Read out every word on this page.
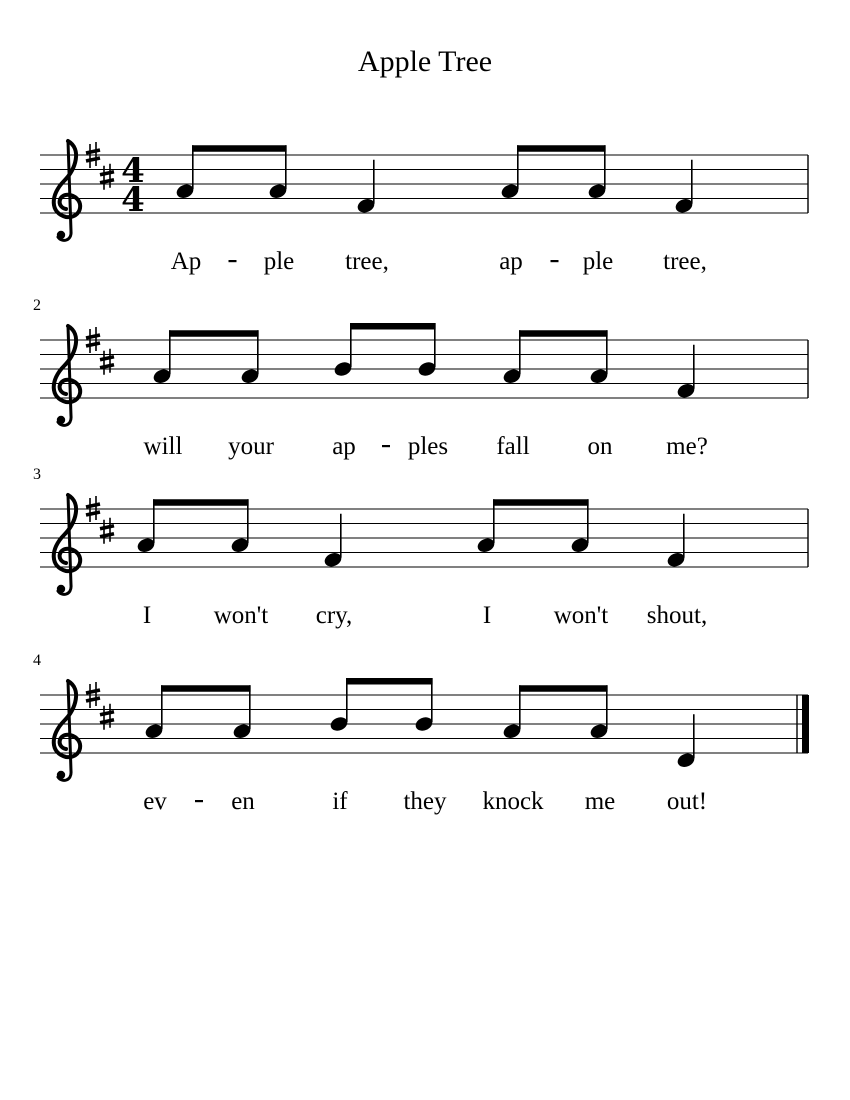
Apple Tree
4
4
Ap ple tree,	ap ple tree,
2
will your ap ples fall on me?
3
I	won't cry,	I	won't shout,
4
ev	en	if they knock me out!
